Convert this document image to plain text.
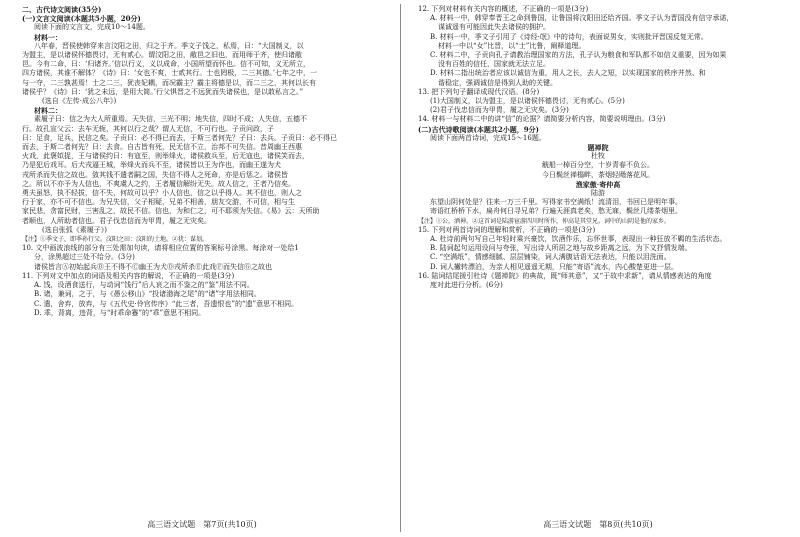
二、古代诗文阅读(35分)
(一)文言文阅读(本题共5小题，20分)
阅读下面的文言文，完成10～14题。
材料一：
八年春，晋侯使韩穿来言汶阳之田，归之于齐。季文子饯之，私焉，曰：“大国制义，以
为盟主，是以诸侯怀德畏讨，无有贰心。谓汶阳之田，敝邑之旧也，而用师于齐，使归诸敝
邑。今有二命，曰：‘归诸齐。’信以行义，义以成命，小国所望而怀也。信不可知，义无所立，
四方诸侯，其谁不解体？《诗》曰：‘女也不爽，士贰其行。士也罔极，二三其德。’七年之中，一
与一夺，二三孰甚焉！士之二三，犹丧妃耦，而况霸主？霸主将德是以，而二三之，其何以长有
诸侯乎？《诗》曰：‘犹之未远，是用大简。’行父惧晋之不远犹而失诸侯也，是以敢私言之。”
(选自《左传·成公八年》)
材料二：
素履子曰：信之为大人所重焉。天失信，三光不明；地失信，四时不成；人失信，五德不
行。故孔宣父云：去车无轭，其何以行之哉？谓人无信，不可行也。子贡问政，子
曰：足食，足兵，民信之矣。子贡曰：必不得已而去，于斯三者何先？子曰：去兵。子贡曰：必不得已
而去，于斯二者何先？曰：去食。自古皆有死，民无信不立，治邦不可失信。昔周幽王西惠
火戏，此褒姒捉，王与诸侯约曰：有寇至，则举烽火，诸侯救兵至，后无寇也，诸侯笑而去，
乃是犯后戏耳。后犬戎逼王城，举烽火而兵不至，诸侯皆以王为诈也，而幽王遂为犬
戎所杀而失信之故也。敛其钱不遣者嗣之国，失信不得人之死命，亦是后惩之。诸侯皆
之。所以不亦予为人信也，不爽虞人之约，王者履信解纷无失。故人信之，王者乃信矣。
勇夫虽怒，执不轻拔，信不失，何故可以乎？小人信也，信之以乎得人。其不信也，则人之
行于家，亦不可不信也。为兄失信，父子相疑，兄弟不相善，朋友交游，不可信，相与生
家民悲，贪富民财，三害乱之，故民不信。信也，为和仁之，可不耶须为失信。《易》云：天所助
者顺也，人所助者信也。君子伐忠信而为甲胄，履之无灾矣。
(选自张弧《素履子》)
【注】①季文子，即季孙行父。汶阳之田：汶阳的土地。②犹：谋划。
10. 文中画波浪线的部分有三处需加句读，请将相应位置的答案标号涂黑。每涂对一处给1
分，涂黑超过三处不给分。(3分)
诸侯皆言Ⓐ初始起兵Ⓑ王不得不Ⓒ幽王为犬Ⓓ戎所杀Ⓔ此戏Ⓕ而失信Ⓖ之故也
11. 下列对文中加点的词语及相关内容的解说，不正确的一项是(3分)
A. 饯，设酒食送行，与动词“饯行”后人哀之而不鉴之的“鉴”用法不同。
B. 诸，兼词，之于，与《愚公移山》“投诸渤海之尾”的“诸”字用法相同。
C. 遣，舍弃，放弃，与《五代史·伶官传序》“此三者，吾遗恨也”的“遗”意思不相同。
D. 乖，背离，违背，与“时乖命蹇”的“乖”意思不相同。
12. 下列对材料有关内容的概述，不正确的一项是(3分)
A. 材料一中，韩穿奉晋王之命到鲁国，让鲁国将汶阳田还给齐国。季文子认为晋国没有信守承诺，
谋诚遥有可能因此失去诸侯的拥护。
B. 材料一中，季文子引用了《诗经·氓》中的诗句，表面说男女，实则批评晋国反复无常。
材料一中以“女”比晋，以“士”比鲁，阐释道理。
C. 材料二中，子贡向孔子请教治理国家的方法，孔子认为粮食和军队都不如信义重要，因为如果
没有百姓的信任，国家就无法立足。
D. 材料二指出统治者应该以诚信为重，用人之长，去人之短，以实现国家的秩序井然、和
谐稳定，强调诚信是得到人助的关键。
13. 把下列句子翻译成现代汉语。(8分)
(1)大国制义，以为盟主，是以诸侯怀德畏讨，无有贰心。(5分)
(2)君子伐忠信而为甲胄，履之无灾矣。(3分)
14. 材料一与材料二中的讲“信”的论据？请简要分析内容，简要说明理由。(3分)
(二)古代诗歌阅读(本题共2小题，9分)
阅读下面两首诗词，完成15～16题。
题禅院
杜牧
觥船一棹百分空，十岁青春不负公。
今日鬓丝禅榻畔，茶烟轻飏落花风。
渔家傲·寄仲高
陆游
东望山阴何处是？往来一万三千里。写得家书空满纸！流清泪，书回已是明年事。
寄语红桥桥下水，扁舟何日寻兄弟？行遍天涯真老矣，愁无寐，鬓丝几缕茶烟里。
【注】①公，酒神。②这首词是陆游宦游四川时所作，仲高是其堂兄。词中的山阴是他的家乡。
15. 下列对两首诗词的理解和赏析，不正确的一项是(3分)
A. 杜诗前两句写自己年轻时乘兴豪饮，饮酒作乐，忘怀世事，表现出一种狂放不羁的生活状态。
B. 陆词起句运用设问与夸张，写出诗人所居之地与故乡距离之远，为下文抒情发端。
C. “空满纸”，情感细腻、层层铺染，词人满腹话语无法表达，只能以泪洗面。
D. 词人撇转漂泊，为亲人相见遥遥无期，只能“寄语”流水，内心酸楚更进一层。
16. 陆词结尾援引杜诗《题禅院》的典故，既“师其意”，又“于故中求新”，请从情感表达的角度
度对此进行分析。(6分)
高三语文试题　第7页(共10页)	高三语文试题　第8页(共10页)
